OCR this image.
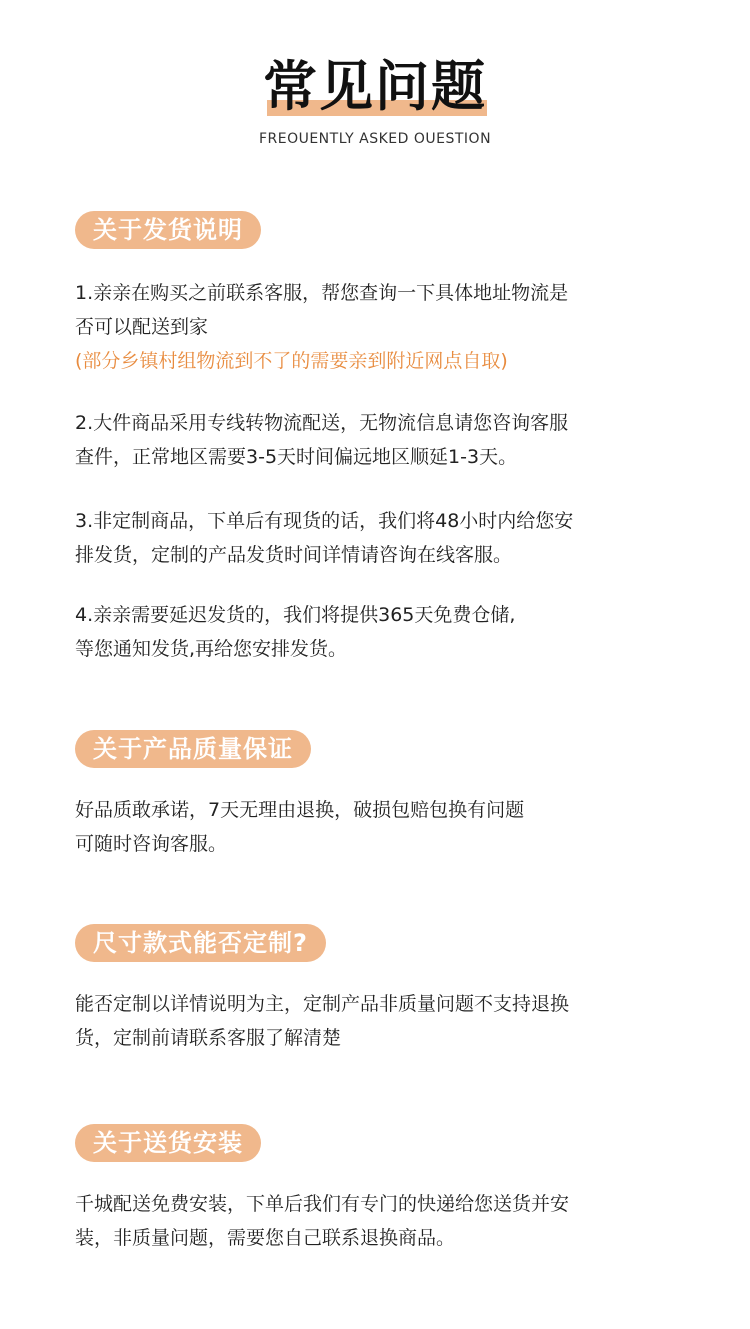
常见问题
FREOUENTLY ASKED OUESTION
关于发货说明

1.亲亲在购买之前联系客服，帮您查询一下具体地址物流是

否可以配送到家

(部分乡镇村组物流到不了的需要亲到附近网点自取)

2.大件商品采用专线转物流配送，无物流信息请您咨询客服

查件，正常地区需要3-5天时间偏远地区顺延1-3天。

3.非定制商品，下单后有现货的话，我们将48小时内给您安

排发货，定制的产品发货时间详情请咨询在线客服。

4.亲亲需要延迟发货的，我们将提供365天免费仓储,

等您通知发货,再给您安排发货。

关于产品质量保证

好品质敢承诺，7天无理由退换，破损包赔包换有问题

可随时咨询客服。

尺寸款式能否定制?

能否定制以详情说明为主，定制产品非质量问题不支持退换

货，定制前请联系客服了解清楚

关于送货安装

千城配送免费安装，下单后我们有专门的快递给您送货并安

装，非质量问题，需要您自己联系退换商品。
